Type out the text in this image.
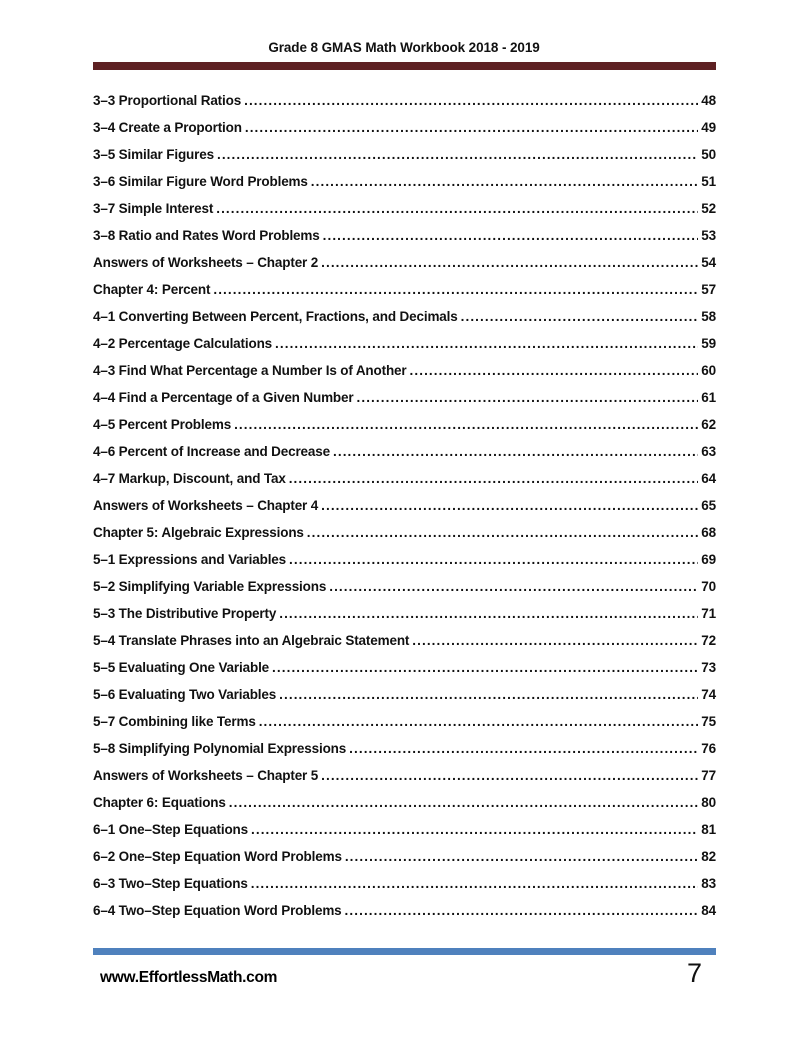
Grade 8 GMAS Math Workbook 2018 - 2019
3–3 Proportional Ratios .....	48
3–4 Create a Proportion .....	49
3–5 Similar Figures .....	50
3–6 Similar Figure Word Problems .....	51
3–7 Simple Interest .....	52
3–8 Ratio and Rates Word Problems .....	53
Answers of Worksheets – Chapter 2 .....	54
Chapter 4: Percent .....	57
4–1 Converting Between Percent, Fractions, and Decimals .....	58
4–2 Percentage Calculations .....	59
4–3 Find What Percentage a Number Is of Another .....	60
4–4 Find a Percentage of a Given Number .....	61
4–5 Percent Problems .....	62
4–6 Percent of Increase and Decrease .....	63
4–7 Markup, Discount, and Tax .....	64
Answers of Worksheets – Chapter 4 .....	65
Chapter 5: Algebraic Expressions .....	68
5–1 Expressions and Variables .....	69
5–2 Simplifying Variable Expressions .....	70
5–3 The Distributive Property .....	71
5–4 Translate Phrases into an Algebraic Statement .....	72
5–5 Evaluating One Variable .....	73
5–6 Evaluating Two Variables .....	74
5–7 Combining like Terms .....	75
5–8 Simplifying Polynomial Expressions .....	76
Answers of Worksheets – Chapter 5 .....	77
Chapter 6: Equations .....	80
6–1 One–Step Equations .....	81
6–2 One–Step Equation Word Problems .....	82
6–3 Two–Step Equations .....	83
6–4 Two–Step Equation Word Problems .....	84
www.EffortlessMath.com	7
